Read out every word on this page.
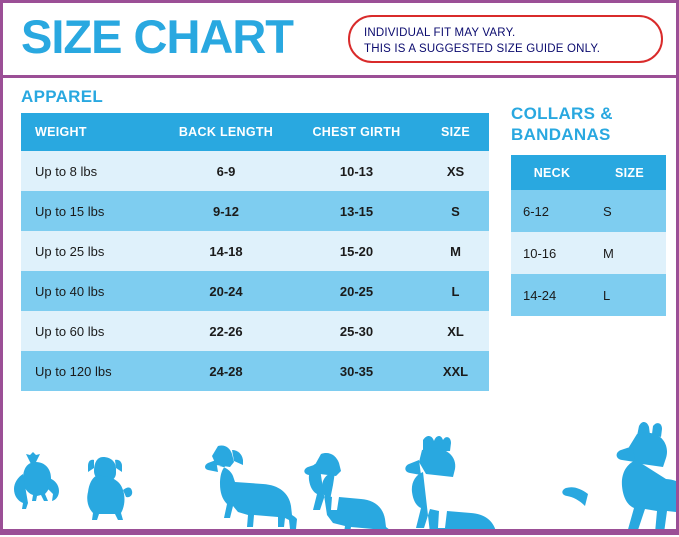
SIZE CHART	INDIVIDUAL FIT MAY VARY.
THIS IS A SUGGESTED SIZE GUIDE ONLY.
APPAREL
WEIGHT	BACK LENGTH	CHEST GIRTH	SIZE
Up to 8 lbs	6-9	10-13	XS
Up to 15 lbs	9-12	13-15	S
Up to 25 lbs	14-18	15-20	M
Up to 40 lbs	20-24	20-25	L
Up to 60 lbs	22-26	25-30	XL
Up to 120 lbs	24-28	30-35	XXL
COLLARS & BANDANAS
NECK	SIZE
6-12	S
10-16	M
14-24	L
